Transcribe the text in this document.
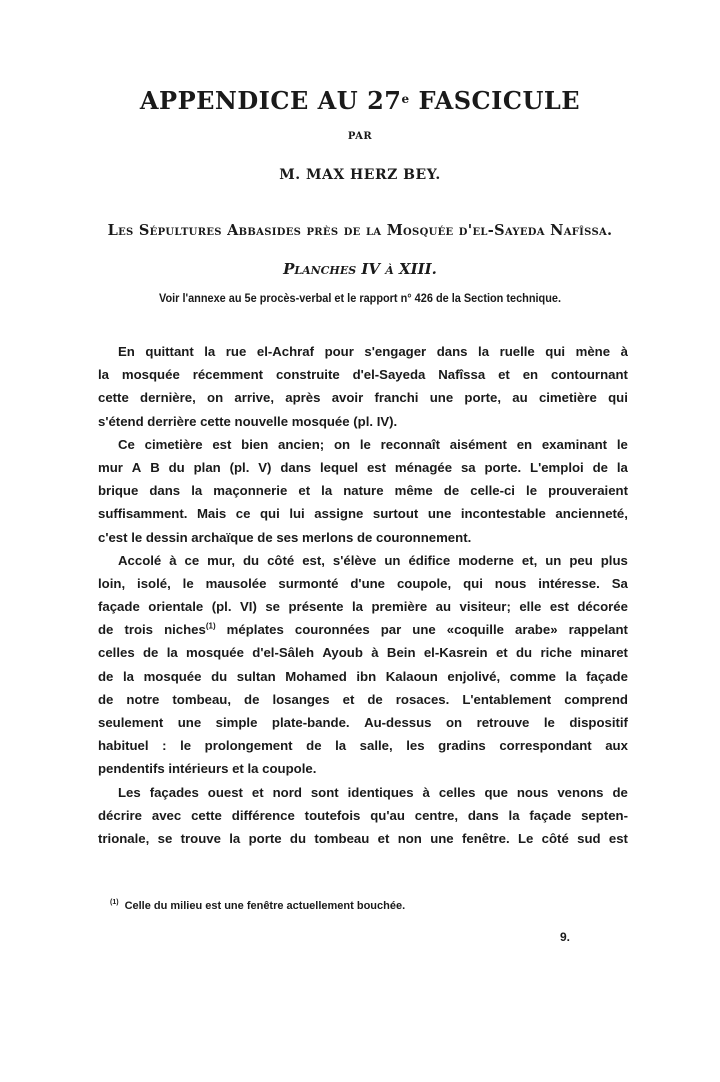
APPENDICE AU 27e FASCICULE
PAR
M. MAX HERZ BEY.
Les Sépultures Abbasides près de la Mosquée d'el-Sayeda Nafîssa.
Planches IV à XIII.
Voir l'annexe au 5e procès-verbal et le rapport n° 426 de la Section technique.
En quittant la rue el-Achraf pour s'engager dans la ruelle qui mène à
la mosquée récemment construite d'el-Sayeda Nafîssa et en contournant
cette dernière, on arrive, après avoir franchi une porte, au cimetière qui
s'étend derrière cette nouvelle mosquée (pl. IV).
Ce cimetière est bien ancien; on le reconnaît aisément en examinant le
mur A B du plan (pl. V) dans lequel est ménagée sa porte. L'emploi de la
brique dans la maçonnerie et la nature même de celle-ci le prouveraient
suffisamment. Mais ce qui lui assigne surtout une incontestable ancienneté,
c'est le dessin archaïque de ses merlons de couronnement.
Accolé à ce mur, du côté est, s'élève un édifice moderne et, un peu plus
loin, isolé, le mausolée surmonté d'une coupole, qui nous intéresse. Sa
façade orientale (pl. VI) se présente la première au visiteur; elle est décorée
de trois niches$^{(1)}$ méplates couronnées par une «coquille arabe» rappelant
celles de la mosquée d'el-Sâleh Ayoub à Bein el-Kasrein et du riche minaret
de la mosquée du sultan Mohamed ibn Kalaoun enjolivé, comme la façade
de notre tombeau, de losanges et de rosaces. L'entablement comprend
seulement une simple plate-bande. Au-dessus on retrouve le dispositif
habituel : le prolongement de la salle, les gradins correspondant aux
pendentifs intérieurs et la coupole.
Les façades ouest et nord sont identiques à celles que nous venons de
décrire avec cette différence toutefois qu'au centre, dans la façade septen-
trionale, se trouve la porte du tombeau et non une fenêtre. Le côté sud est
$^{(1)}$ Celle du milieu est une fenêtre actuellement bouchée.
9.
